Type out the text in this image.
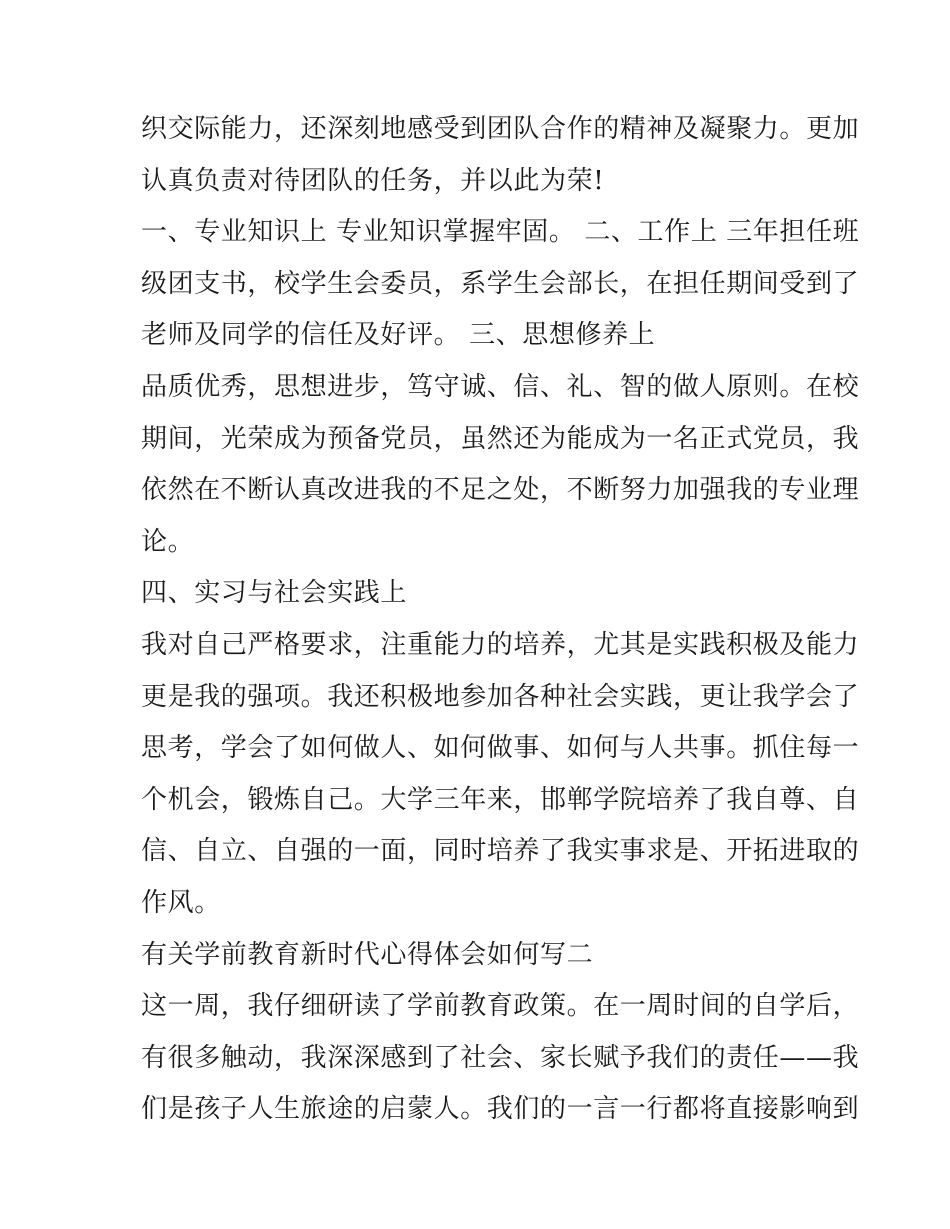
织交际能力，还深刻地感受到团队合作的精神及凝聚力。更加
认真负责对待团队的任务，并以此为荣!
一、专业知识上 专业知识掌握牢固。 二、工作上 三年担任班
级团支书，校学生会委员，系学生会部长，在担任期间受到了
老师及同学的信任及好评。 三、思想修养上
品质优秀，思想进步，笃守诚、信、礼、智的做人原则。在校
期间，光荣成为预备党员，虽然还为能成为一名正式党员，我
依然在不断认真改进我的不足之处，不断努力加强我的专业理
论。
四、实习与社会实践上
我对自己严格要求，注重能力的培养，尤其是实践积极及能力
更是我的强项。我还积极地参加各种社会实践，更让我学会了
思考，学会了如何做人、如何做事、如何与人共事。抓住每一
个机会，锻炼自己。大学三年来，邯郸学院培养了我自尊、自
信、自立、自强的一面，同时培养了我实事求是、开拓进取的
作风。
有关学前教育新时代心得体会如何写二
这一周，我仔细研读了学前教育政策。在一周时间的自学后，
有很多触动，我深深感到了社会、家长赋予我们的责任——我
们是孩子人生旅途的启蒙人。我们的一言一行都将直接影响到
